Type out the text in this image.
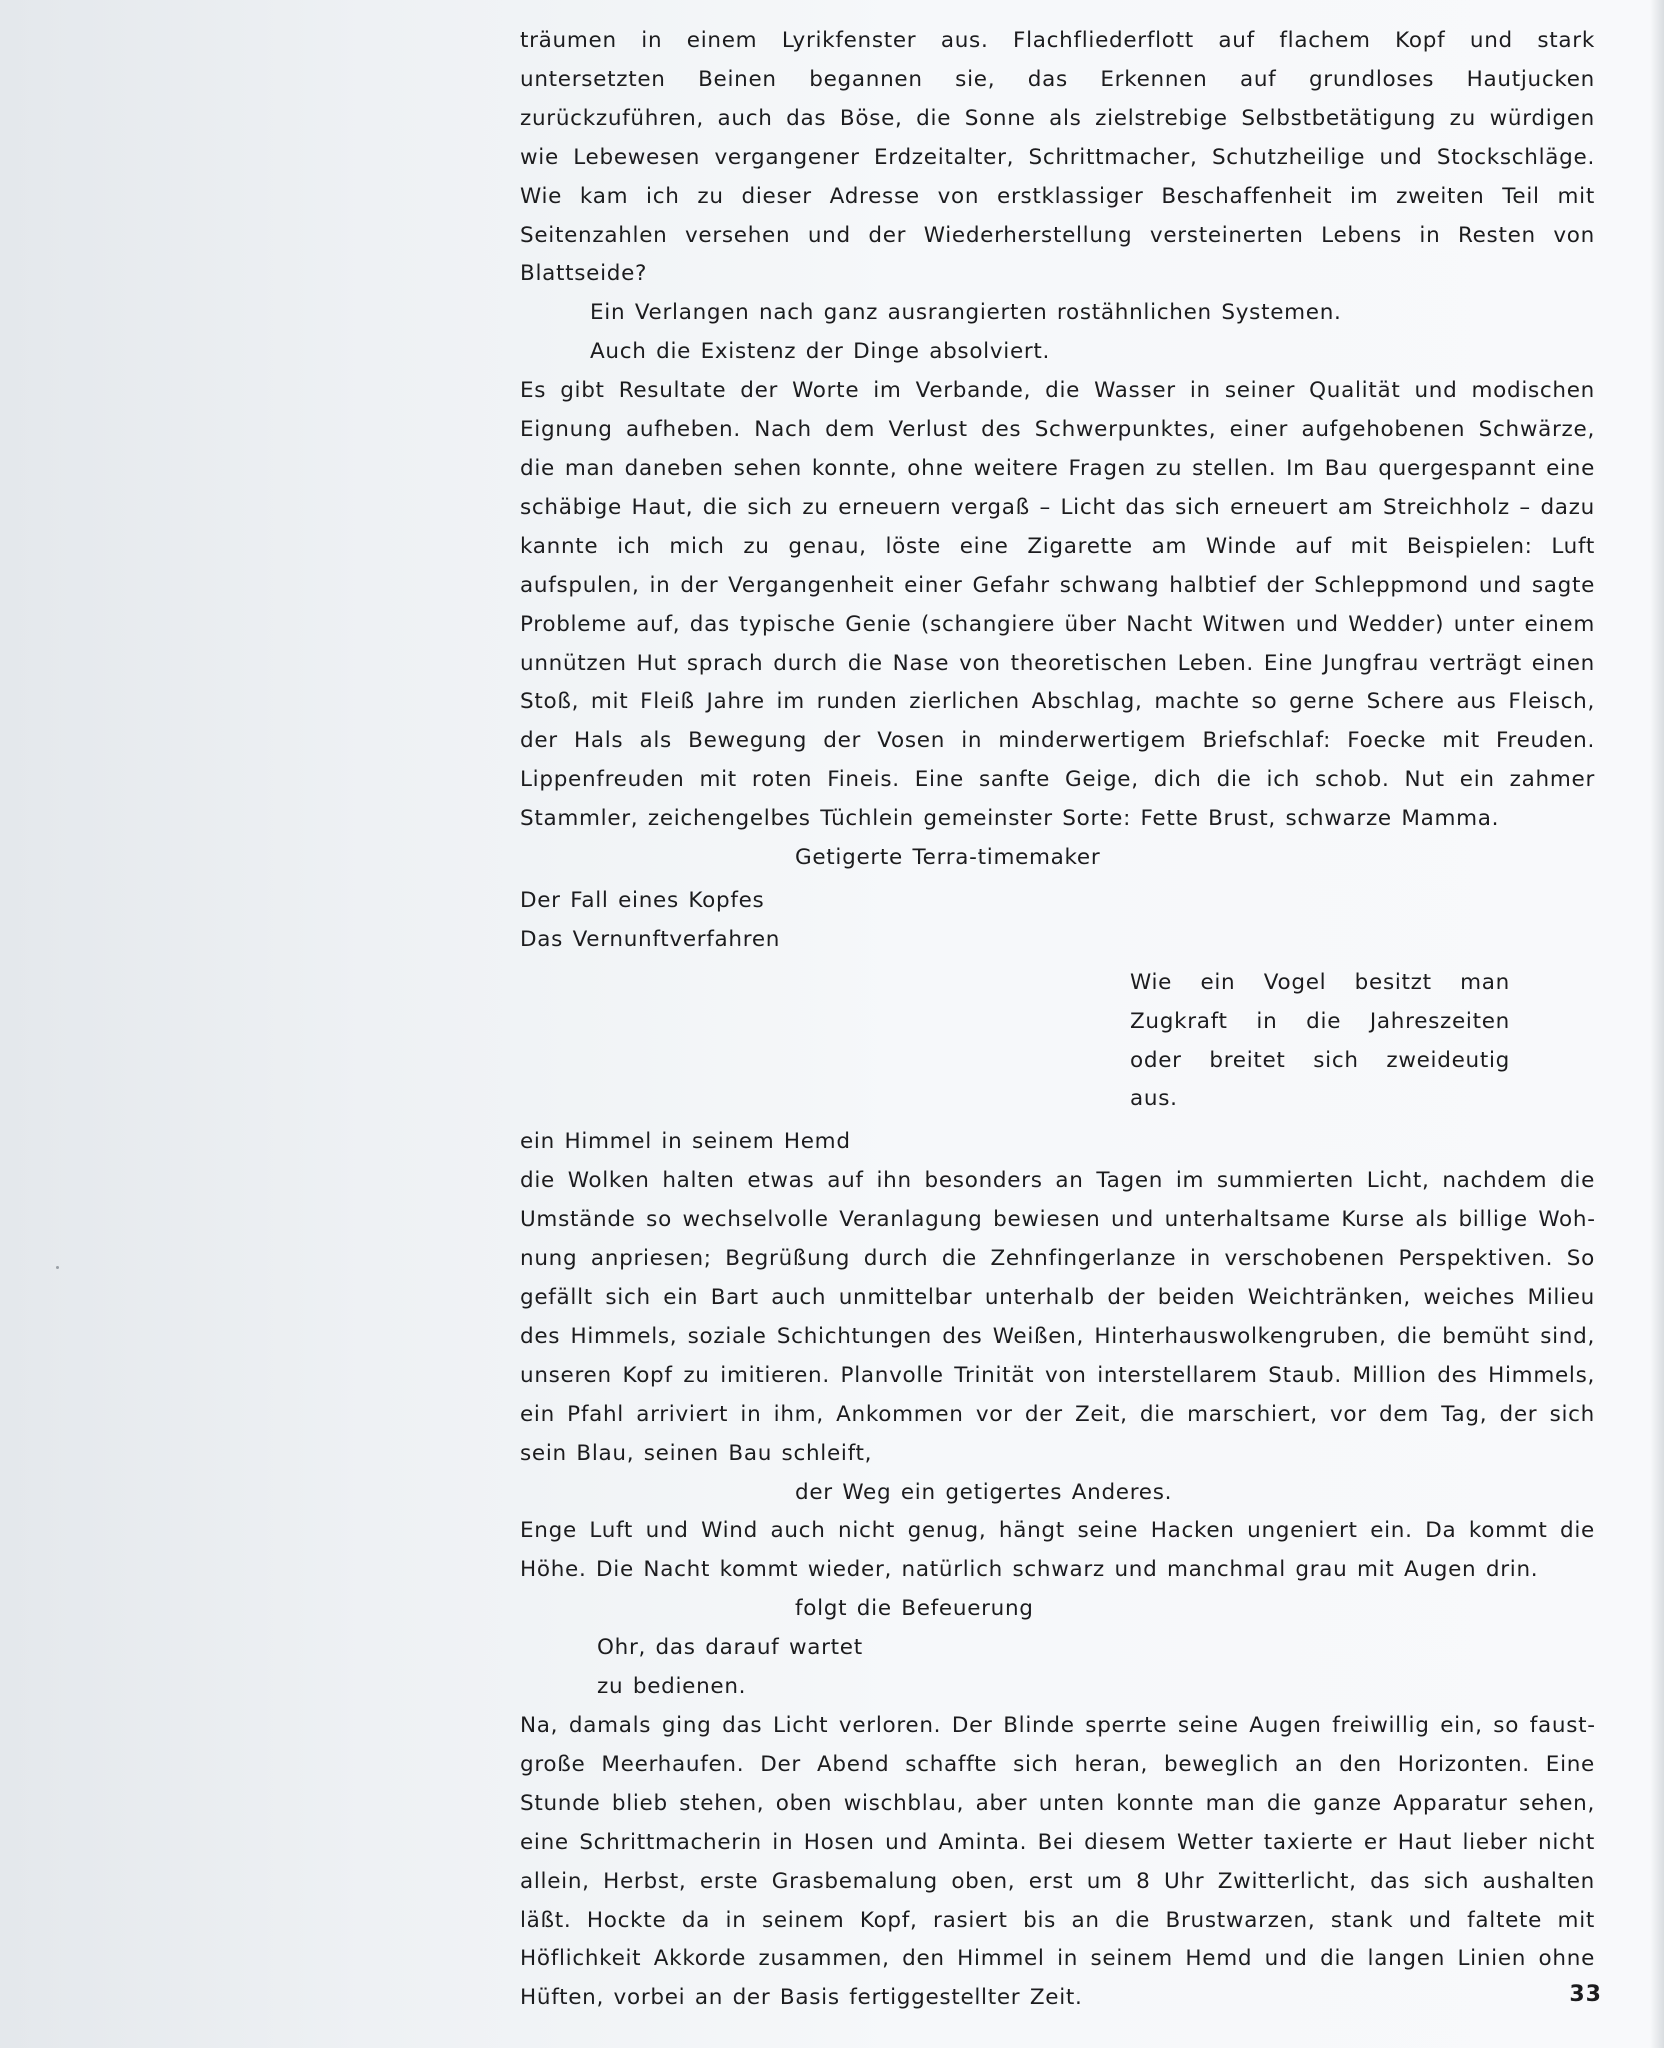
träumen in einem Lyrikfenster aus. Flachfliederflott auf flachem Kopf und stark untersetzten Beinen begannen sie, das Erkennen auf grundloses Hautjucken zurückzuführen, auch das Böse, die Sonne als zielstrebige Selbstbetätigung zu würdigen wie Lebewesen vergangener Erdzeitalter, Schrittmacher, Schutzheilige und Stockschläge. Wie kam ich zu dieser Adresse von erstklassiger Beschaffenheit im zweiten Teil mit Seitenzahlen versehen und der Wiederherstellung versteinerten Lebens in Resten von Blattseide?

Ein Verlangen nach ganz ausrangierten rostähnlichen Systemen.

Auch die Existenz der Dinge absolviert.

Es gibt Resultate der Worte im Verbande, die Wasser in seiner Qualität und modischen Eignung aufheben. Nach dem Verlust des Schwerpunktes, einer aufgehobenen Schwärze, die man daneben sehen konnte, ohne weitere Fragen zu stellen. Im Bau quergespannt eine schäbige Haut, die sich zu erneuern vergaß – Licht das sich erneuert am Streichholz – dazu kannte ich mich zu genau, löste eine Zigarette am Winde auf mit Beispielen: Luft aufspulen, in der Vergangenheit einer Gefahr schwang halbtief der Schleppmond und sagte Probleme auf, das typische Genie (schangiere über Nacht Witwen und Wedder) unter einem unnützen Hut sprach durch die Nase von theoretischen Leben. Eine Jungfrau verträgt einen Stoß, mit Fleiß Jahre im runden zierlichen Abschlag, machte so gerne Schere aus Fleisch, der Hals als Bewegung der Vosen in minderwertigem Briefschlaf: Foecke mit Freuden. Lippenfreuden mit roten Fineis. Eine sanfte Geige, dich die ich schob. Nut ein zahmer Stammler, zeichengelbes Tüchlein gemeinster Sorte: Fette Brust, schwarze Mamma.

Getigerte Terra-timemaker

Der Fall eines Kopfes

Das Vernunftverfahren

Wie ein Vogel besitzt man Zugkraft in die Jahreszeiten oder breitet sich zweideutig aus.

ein Himmel in seinem Hemd

die Wolken halten etwas auf ihn besonders an Tagen im summierten Licht, nachdem die Umstände so wechselvolle Veranlagung bewiesen und unterhaltsame Kurse als billige Wohnung anpriesen; Begrüßung durch die Zehnfingerlanze in verschobenen Perspektiven. So gefällt sich ein Bart auch unmittelbar unterhalb der beiden Weichtränken, weiches Milieu des Himmels, soziale Schichtungen des Weißen, Hinterhauswolkengruben, die bemüht sind, unseren Kopf zu imitieren. Planvolle Trinität von interstellarem Staub. Million des Himmels, ein Pfahl arriviert in ihm, Ankommen vor der Zeit, die marschiert, vor dem Tag, der sich sein Blau, seinen Bau schleift,

der Weg ein getigertes Anderes.

Enge Luft und Wind auch nicht genug, hängt seine Hacken ungeniert ein. Da kommt die Höhe. Die Nacht kommt wieder, natürlich schwarz und manchmal grau mit Augen drin.

folgt die Befeuerung

Ohr, das darauf wartet

zu bedienen.

Na, damals ging das Licht verloren. Der Blinde sperrte seine Augen freiwillig ein, so faustgroße Meerhaufen. Der Abend schaffte sich heran, beweglich an den Horizonten. Eine Stunde blieb stehen, oben wischblau, aber unten konnte man die ganze Apparatur sehen, eine Schrittmacherin in Hosen und Aminta. Bei diesem Wetter taxierte er Haut lieber nicht allein, Herbst, erste Grasbemalung oben, erst um 8 Uhr Zwitterlicht, das sich aushalten läßt. Hockte da in seinem Kopf, rasiert bis an die Brustwarzen, stank und faltete mit Höflichkeit Akkorde zusammen, den Himmel in seinem Hemd und die langen Linien ohne Hüften, vorbei an der Basis fertiggestellter Zeit.	33
